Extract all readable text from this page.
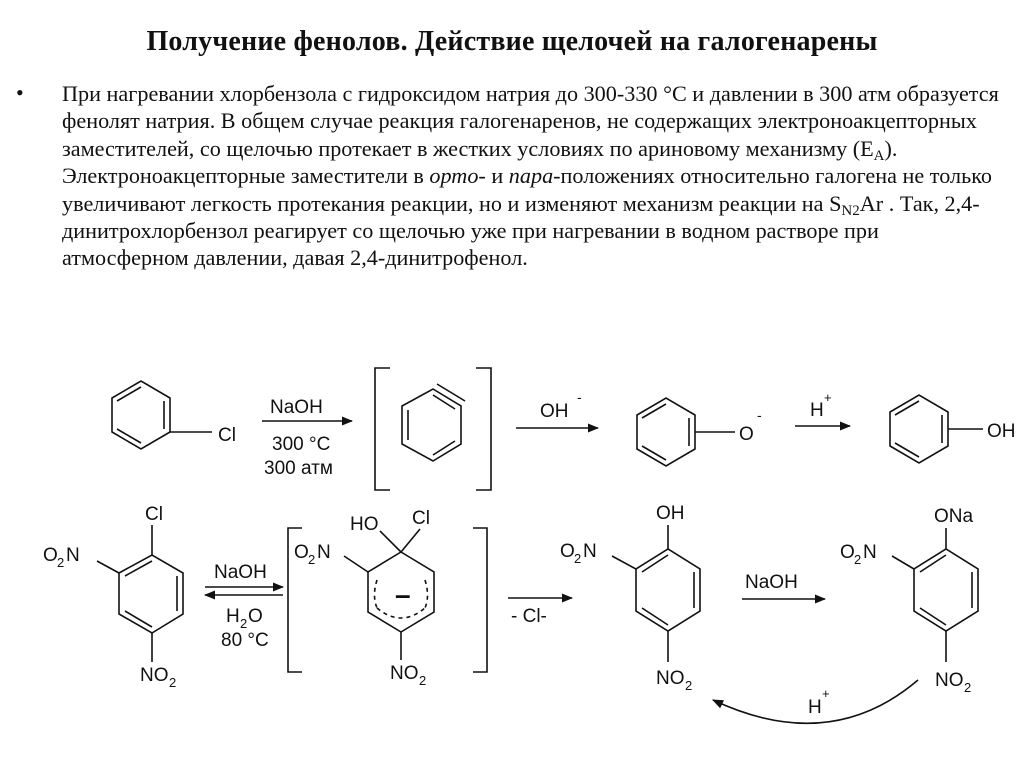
Получение фенолов. Действие щелочей на галогенарены
• При нагревании хлорбензола с гидроксидом натрия до 300-330 °С и давлении в 300 атм образуется фенолят натрия. В общем случае реакция галогенаренов, не содержащих электроноакцепторных заместителей, со щелочью протекает в жестких условиях по ариновому механизму $(E_A)$. Электроноакцепторные заместители в орто- и пара-положениях относительно галогена не только увеличивают легкость протекания реакции, но и изменяют механизм реакции на $S_{N2}Ar$ . Так, 2,4-динитрохлорбензол реагирует со щелочью уже при нагревании в водном растворе при атмосферном давлении, давая 2,4-динитрофенол.
Cl
NaOH
300 °C
300 атм
OH
-
O
-	H
+
OH
Cl
O 2 N
NO 2
NaOH
H 2 O
80 °C
–
HO Cl
O 2 N
NO 2
- Cl-
OH
O 2 N
NO 2
NaOH
ONa
O 2 N
NO 2
H
+
